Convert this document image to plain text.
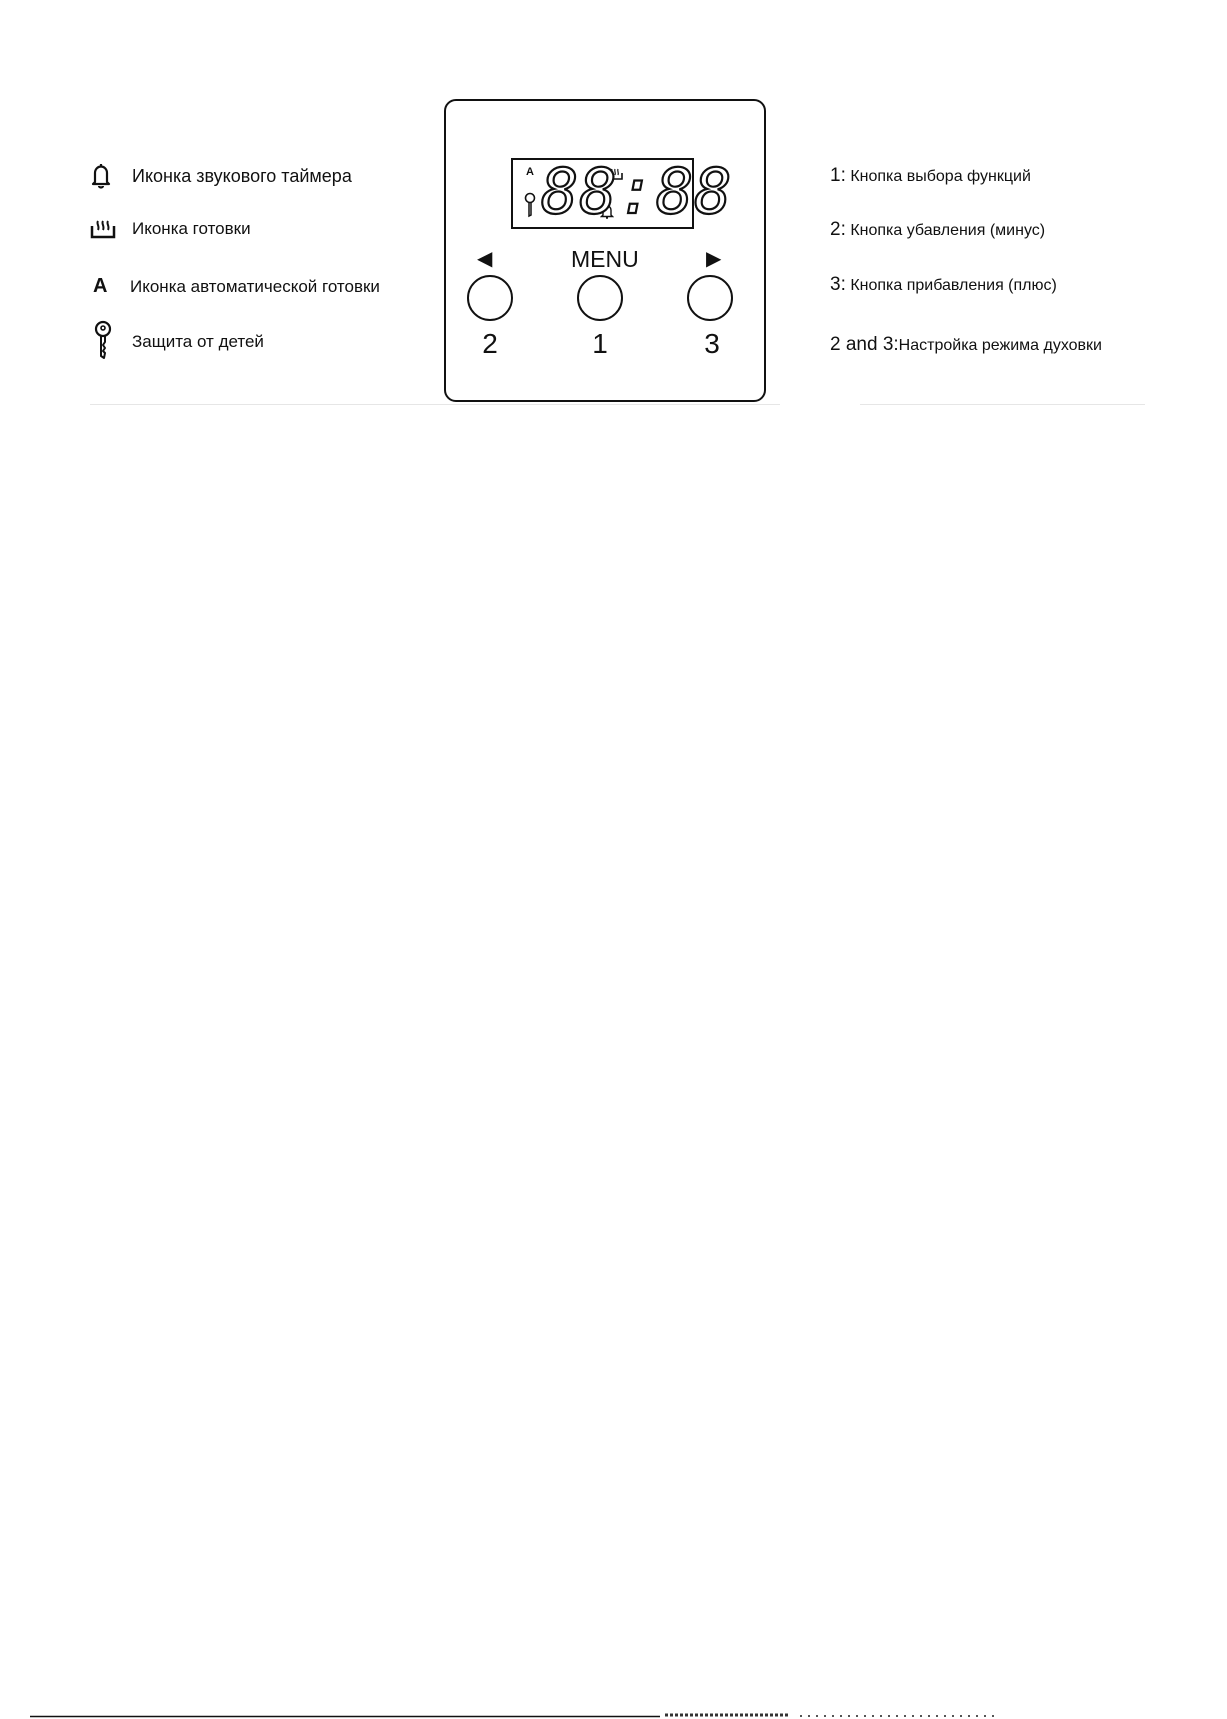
Иконка звукового таймера
Иконка готовки
A Иконка автоматической готовки
Защита от детей
A 88:88
◀	MENU	▶
2	1	3
1: Кнопка выбора функций
2: Кнопка убавления (минус)
3: Кнопка прибавления (плюс)
2 and 3:Настройка режима духовки
